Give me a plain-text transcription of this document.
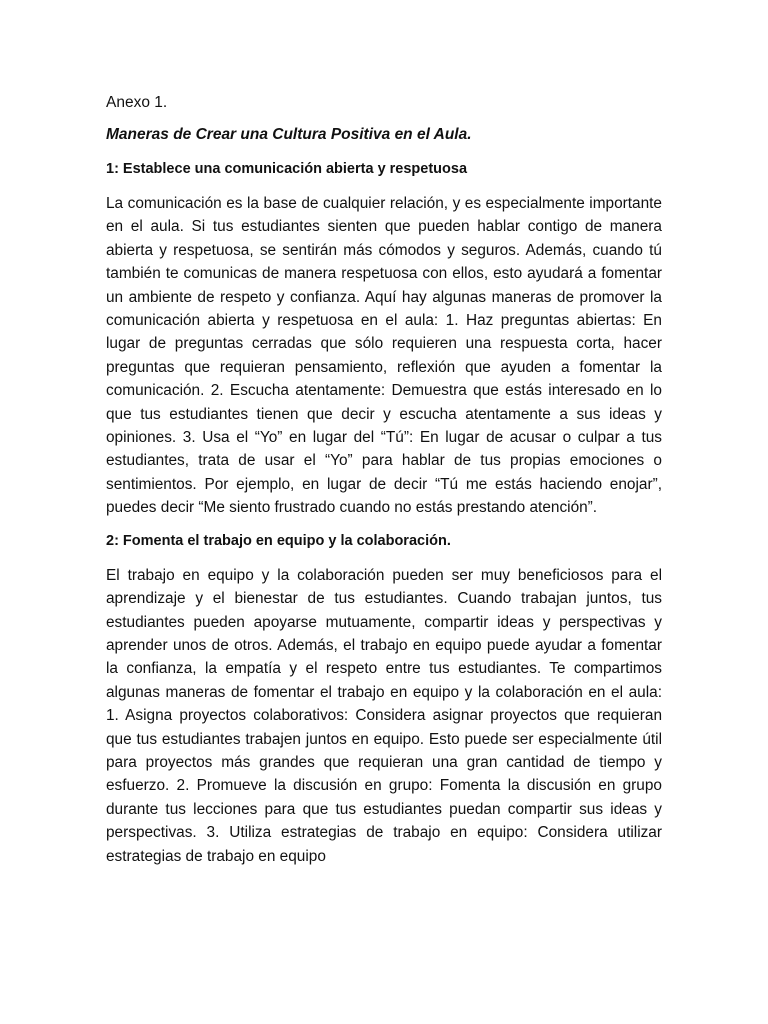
Anexo 1.

Maneras de Crear una Cultura Positiva en el Aula.

1: Establece una comunicación abierta y respetuosa

La comunicación es la base de cualquier relación, y es especialmente importante en el aula. Si tus estudiantes sienten que pueden hablar contigo de manera abierta y respetuosa, se sentirán más cómodos y seguros. Además, cuando tú también te comunicas de manera respetuosa con ellos, esto ayudará a fomentar un ambiente de respeto y confianza. Aquí hay algunas maneras de promover la comunicación abierta y respetuosa en el aula: 1. Haz preguntas abiertas: En lugar de preguntas cerradas que sólo requieren una respuesta corta, hacer preguntas que requieran pensamiento, reflexión que ayuden a fomentar la comunicación. 2. Escucha atentamente: Demuestra que estás interesado en lo que tus estudiantes tienen que decir y escucha atentamente a sus ideas y opiniones. 3. Usa el “Yo” en lugar del “Tú”: En lugar de acusar o culpar a tus estudiantes, trata de usar el “Yo” para hablar de tus propias emociones o sentimientos. Por ejemplo, en lugar de decir “Tú me estás haciendo enojar”, puedes decir “Me siento frustrado cuando no estás prestando atención”.

2: Fomenta el trabajo en equipo y la colaboración.

El trabajo en equipo y la colaboración pueden ser muy beneficiosos para el aprendizaje y el bienestar de tus estudiantes. Cuando trabajan juntos, tus estudiantes pueden apoyarse mutuamente, compartir ideas y perspectivas y aprender unos de otros. Además, el trabajo en equipo puede ayudar a fomentar la confianza, la empatía y el respeto entre tus estudiantes. Te compartimos algunas maneras de fomentar el trabajo en equipo y la colaboración en el aula: 1. Asigna proyectos colaborativos: Considera asignar proyectos que requieran que tus estudiantes trabajen juntos en equipo. Esto puede ser especialmente útil para proyectos más grandes que requieran una gran cantidad de tiempo y esfuerzo. 2. Promueve la discusión en grupo: Fomenta la discusión en grupo durante tus lecciones para que tus estudiantes puedan compartir sus ideas y perspectivas. 3. Utiliza estrategias de trabajo en equipo: Considera utilizar estrategias de trabajo en equipo
